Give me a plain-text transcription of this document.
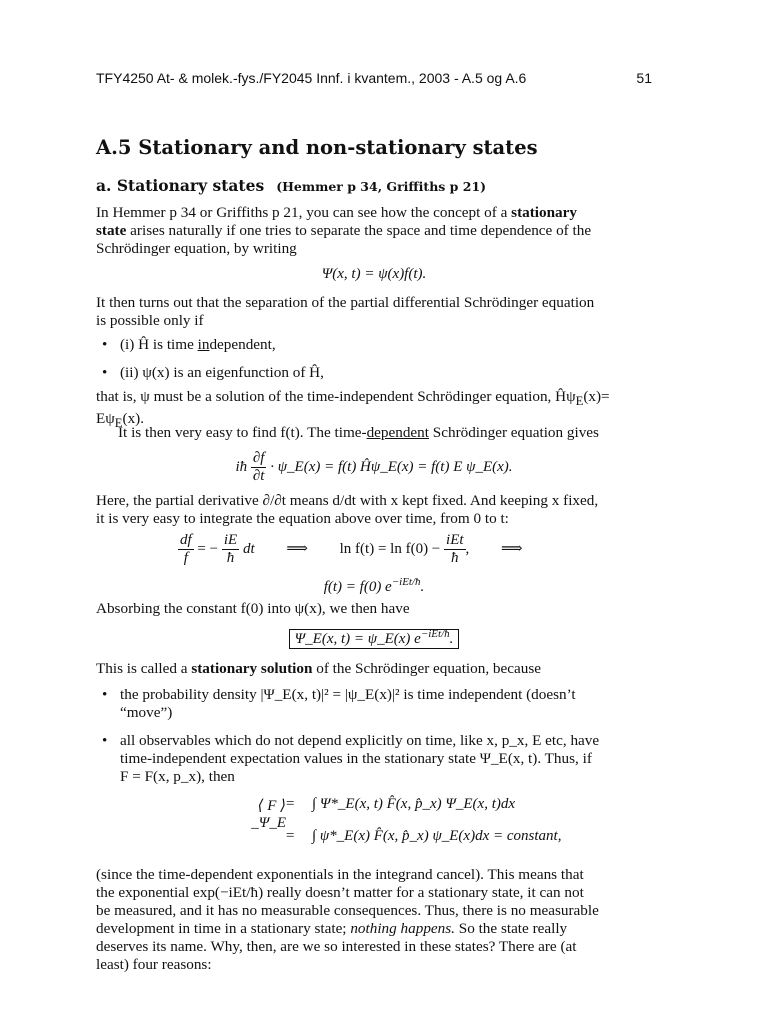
TFY4250 At- & molek.-fys./FY2045 Innf. i kvantem., 2003 - A.5 og A.6	51
A.5 Stationary and non-stationary states
a. Stationary states (Hemmer p 34, Griffiths p 21)
In Hemmer p 34 or Griffiths p 21, you can see how the concept of a stationary
state arises naturally if one tries to separate the space and time dependence of the
Schrödinger equation, by writing
Ψ(x, t) = ψ(x)f(t).
It then turns out that the separation of the partial differential Schrödinger equation
is possible only if
• (i) Ĥ is time independent,
• (ii) ψ(x) is an eigenfunction of Ĥ,
that is, ψ must be a solution of the time-independent Schrödinger equation, $Ĥ\psi_E(x)=$
$E\psi_E(x)$.
It is then very easy to find f(t). The time-dependent Schrödinger equation gives
iħ $\frac{\partial f}{\partial t}$ · ψ_E(x) = f(t) Ĥψ_E(x) = f(t) E ψ_E(x).
Here, the partial derivative ∂/∂t means d/dt with x kept fixed. And keeping x fixed,
it is very easy to integrate the equation above over time, from 0 to t:
$\frac{df}{f}$ = − $\frac{iE}{ħ}$ dt ⟹ $\ln f(t) = \ln f(0) - \frac{\text{iEt}}{ħ}$ , ⟹
f(t) = f(0) $e^{-iEt/ħ}$.
Absorbing the constant f(0) into ψ(x), we then have
Ψ_E(x, t) = ψ_E(x) $e^{-iEt/ħ}$.
This is called a stationary solution of the Schrödinger equation, because
• the probability density |Ψ_E(x, t)|² = |ψ_E(x)|² is time independent (doesn’t
“move”)
• all observables which do not depend explicitly on time, like x, p_x, E etc, have
time-independent expectation values in the stationary state Ψ_E(x, t). Thus, if
F = F(x, p_x), then
⟨ F ⟩_Ψ_E
= ∫ Ψ*_E(x, t) F̂(x, p̂_x) Ψ_E(x, t)dx
= ∫ ψ*_E(x) F̂(x, p̂_x) ψ_E(x)dx = constant,
(since the time-dependent exponentials in the integrand cancel). This means that
the exponential exp(−iEt/ħ) really doesn’t matter for a stationary state, it can not
be measured, and it has no measurable consequences. Thus, there is no measurable
development in time in a stationary state; nothing happens. So the state really
deserves its name. Why, then, are we so interested in these states? There are (at
least) four reasons:
